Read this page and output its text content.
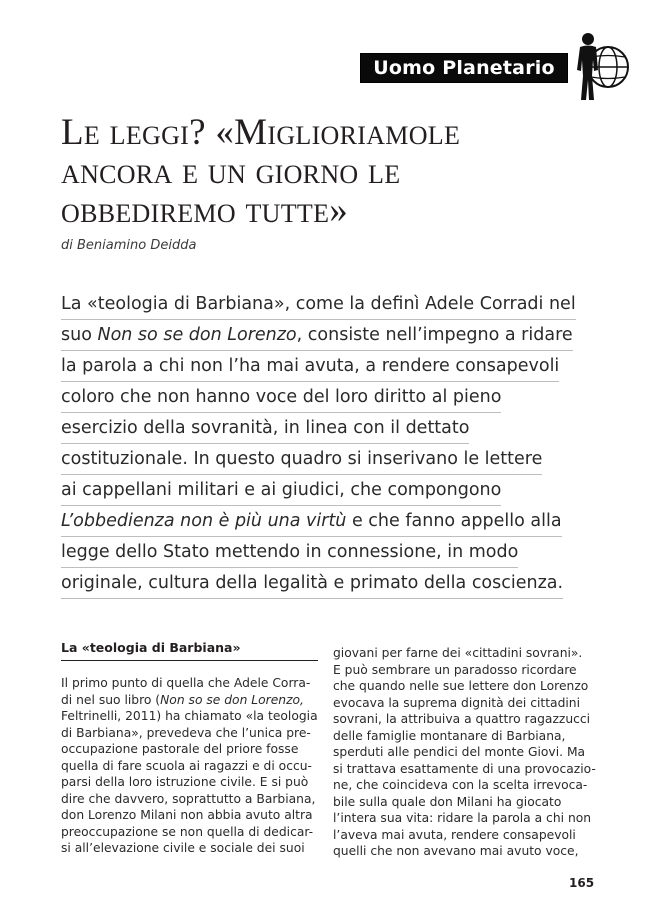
Uomo Planetario
Le leggi? «Miglioriamole
ancora e un giorno le
obbediremo tutte»
di Beniamino Deidda
La «teologia di Barbiana», come la definì Adele Corradi nel
suo Non so se don Lorenzo, consiste nell’impegno a ridare
la parola a chi non l’ha mai avuta, a rendere consapevoli
coloro che non hanno voce del loro diritto al pieno
esercizio della sovranità, in linea con il dettato
costituzionale. In questo quadro si inserivano le lettere
ai cappellani militari e ai giudici, che compongono
L’obbedienza non è più una virtù e che fanno appello alla
legge dello Stato mettendo in connessione, in modo
originale, cultura della legalità e primato della coscienza.
La «teologia di Barbiana»
Il primo punto di quella che Adele Corra-
di nel suo libro (Non so se don Lorenzo,
Feltrinelli, 2011) ha chiamato «la teologia
di Barbiana», prevedeva che l’unica pre-
occupazione pastorale del priore fosse
quella di fare scuola ai ragazzi e di occu-
parsi della loro istruzione civile. E si può
dire che davvero, soprattutto a Barbiana,
don Lorenzo Milani non abbia avuto altra
preoccupazione se non quella di dedicar-
si all’elevazione civile e sociale dei suoi
giovani per farne dei «cittadini sovrani».
E può sembrare un paradosso ricordare
che quando nelle sue lettere don Lorenzo
evocava la suprema dignità dei cittadini
sovrani, la attribuiva a quattro ragazzucci
delle famiglie montanare di Barbiana,
sperduti alle pendici del monte Giovi. Ma
si trattava esattamente di una provocazio-
ne, che coincideva con la scelta irrevoca-
bile sulla quale don Milani ha giocato
l’intera sua vita: ridare la parola a chi non
l’aveva mai avuta, rendere consapevoli
quelli che non avevano mai avuto voce,
165
